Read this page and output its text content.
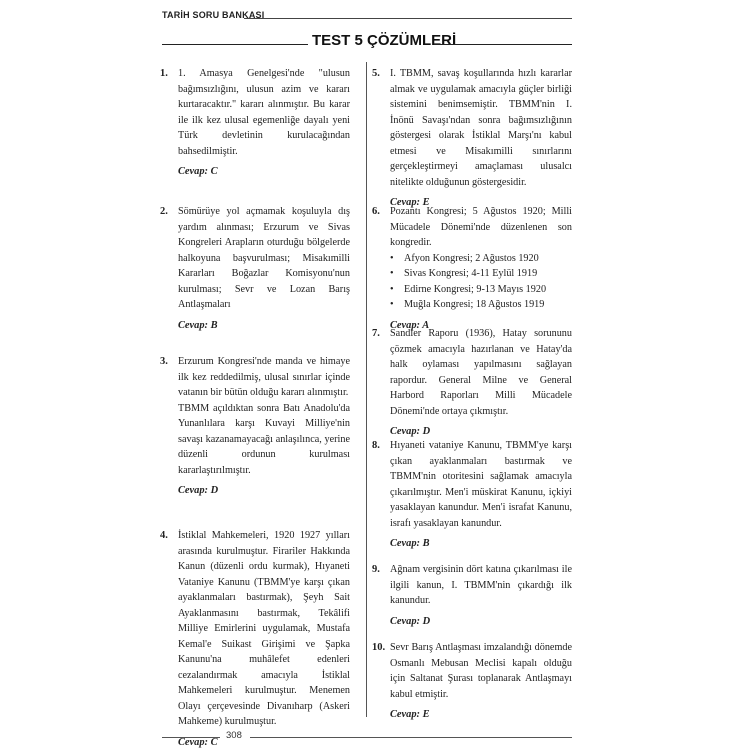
TARİH SORU BANKASI
TEST 5 ÇÖZÜMLERİ
1. 1. Amasya Genelgesi'nde "ulusun bağımsızlığını, ulusun azim ve kararı kurtaracaktır." kararı alınmıştır. Bu karar ile ilk kez ulusal egemenliğe dayalı yeni Türk devletinin kurulacağından bahsedilmiştir.

Cevap: C
2. Sömürüye yol açmamak koşuluyla dış yardım alınması; Erzurum ve Sivas Kongreleri Arapların oturduğu bölgelerde halkoyuna başvurulması; Misakımilli Kararları Boğazlar Komisyonu'nun kurulması; Sevr ve Lozan Barış Antlaşmaları

Cevap: B
3. Erzurum Kongresi'nde manda ve himaye ilk kez reddedilmiş, ulusal sınırlar içinde vatanın bir bütün olduğu kararı alınmıştır.

TBMM açıldıktan sonra Batı Anadolu'da Yunanlılara karşı Kuvayi Milliye'nin savaşı kazanamayacağı anlaşılınca, yerine düzenli ordunun kurulması kararlaştırılmıştır.

Cevap: D
4. İstiklal Mahkemeleri, 1920 1927 yılları arasında kurulmuştur. Firariler Hakkında Kanun (düzenli ordu kurmak), Hıyaneti Vataniye Kanunu (TBMM'ye karşı çıkan ayaklanmaları bastırmak), Şeyh Sait Ayaklanmasını bastırmak, Tekâlifi Milliye Emirlerini uygulamak, Mustafa Kemal'e Suikast Girişimi ve Şapka Kanunu'na muhâlefet edenleri cezalandırmak amacıyla İstiklal Mahkemeleri kurulmuştur. Menemen Olayı çerçevesinde Divanıharp (Askeri Mahkeme) kurulmuştur.

Cevap: C
5. I. TBMM, savaş koşullarında hızlı kararlar almak ve uygulamak amacıyla güçler birliği sistemini benimsemiştir. TBMM'nin I. İnönü Savaşı'ndan sonra bağımsızlığının göstergesi olarak İstiklal Marşı'nı kabul etmesi ve Misakımilli sınırlarını gerçekleştirmeyi amaçlaması ulusalcı nitelikte olduğunun göstergesidir.

Cevap: E
6. Pozantı Kongresi; 5 Ağustos 1920; Milli Mücadele Dönemi'nde düzenlenen son kongredir.

• Afyon Kongresi; 2 Ağustos 1920
• Sivas Kongresi; 4-11 Eylül 1919
• Edirne Kongresi; 9-13 Mayıs 1920
• Muğla Kongresi; 18 Ağustos 1919
Cevap: A
7. Sandler Raporu (1936), Hatay sorununu çözmek amacıyla hazırlanan ve Hatay'da halk oylaması yapılmasını sağlayan rapordur. General Milne ve General Harbord Raporları Milli Mücadele Dönemi'nde ortaya çıkmıştır.

Cevap: D
8. Hıyaneti vataniye Kanunu, TBMM'ye karşı çıkan ayaklanmaları bastırmak ve TBMM'nin otoritesini sağlamak amacıyla çıkarılmıştır. Men'i müskirat Kanunu, içkiyi yasaklayan kanundur. Men'i israfat Kanunu, israfı yasaklayan kanundur.

Cevap: B
9. Ağnam vergisinin dört katına çıkarılması ile ilgili kanun, I. TBMM'nin çıkardığı ilk kanundur.

Cevap: D
10. Sevr Barış Antlaşması imzalandığı dönemde Osmanlı Mebusan Meclisi kapalı olduğu için Saltanat Şurası toplanarak Antlaşmayı kabul etmiştir.

Cevap: E
308
